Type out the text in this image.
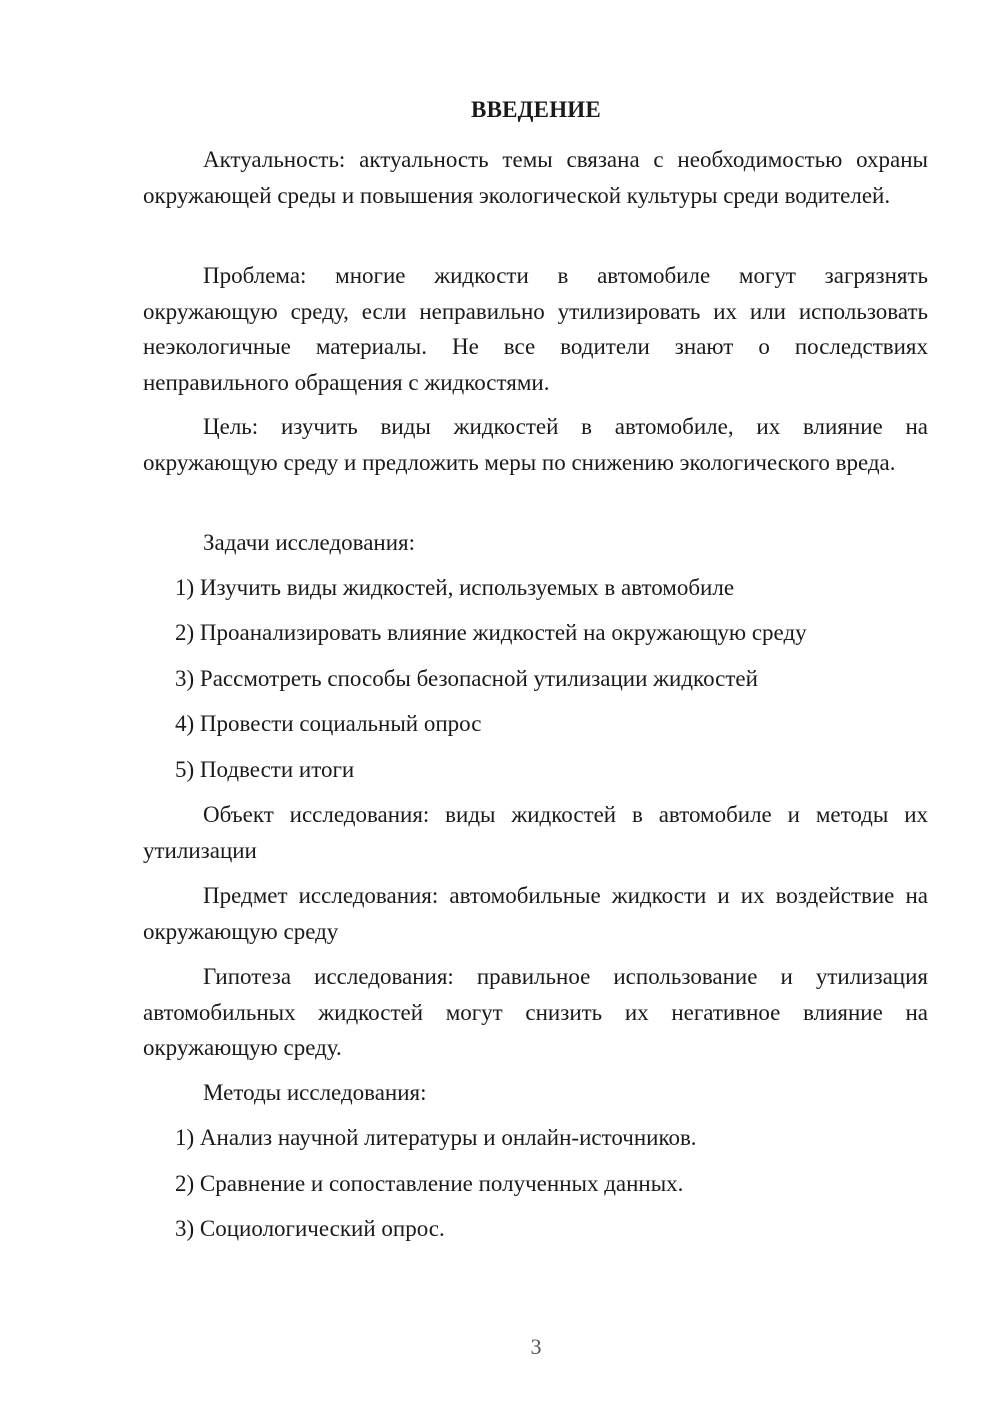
ВВЕДЕНИЕ
Актуальность: актуальность темы связана с необходимостью охраны окружающей среды и повышения экологической культуры среди водителей.
Проблема: многие жидкости в автомобиле могут загрязнять окружающую среду, если неправильно утилизировать их или использовать неэкологичные материалы. Не все водители знают о последствиях неправильного обращения с жидкостями.
Цель: изучить виды жидкостей в автомобиле, их влияние на окружающую среду и предложить меры по снижению экологического вреда.
Задачи исследования:
1) Изучить виды жидкостей, используемых в автомобиле
2) Проанализировать влияние жидкостей на окружающую среду
3) Рассмотреть способы безопасной утилизации жидкостей
4) Провести социальный опрос
5) Подвести итоги
Объект исследования: виды жидкостей в автомобиле и методы их утилизации
Предмет исследования: автомобильные жидкости и их воздействие на окружающую среду
Гипотеза исследования: правильное использование и утилизация автомобильных жидкостей могут снизить их негативное влияние на окружающую среду.
Методы исследования:
1) Анализ научной литературы и онлайн-источников.
2) Сравнение и сопоставление полученных данных.
3) Социологический опрос.
3
